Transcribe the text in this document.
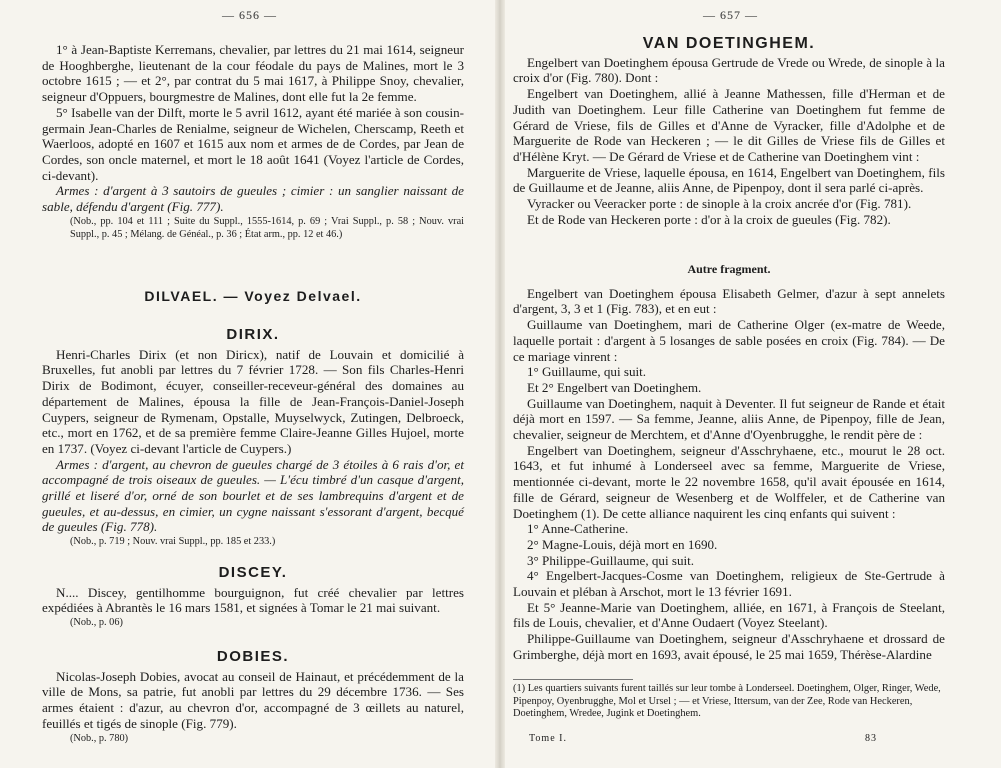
— 656 —

1° à Jean-Baptiste Kerremans, chevalier, par lettres du 21 mai 1614, seigneur de Hooghberghe, lieutenant de la cour féodale du pays de Malines, mort le 3 octobre 1615 ; — et 2°, par contrat du 5 mai 1617, à Philippe Snoy, chevalier, seigneur d'Oppuers, bourgmestre de Malines, dont elle fut la 2e femme.

5° Isabelle van der Dilft, morte le 5 avril 1612, ayant été mariée à son cousin-germain Jean-Charles de Renialme, seigneur de Wichelen, Cherscamp, Reeth et Waerloos, adopté en 1607 et 1615 aux nom et armes de de Cordes, par Jean de Cordes, son oncle maternel, et mort le 18 août 1641 (Voyez l'article de Cordes, ci-devant).

Armes : d'argent à 3 sautoirs de gueules ; cimier : un sanglier naissant de sable, défendu d'argent (Fig. 777).

(Nob., pp. 104 et 111 ; Suite du Suppl., 1555-1614, p. 69 ; Vrai Suppl., p. 58 ; Nouv. vrai Suppl., p. 45 ; Mélang. de Généal., p. 36 ; État arm., pp. 12 et 46.)

DILVAEL. — Voyez Delvael.
DIRIX.

Henri-Charles Dirix (et non Diricx), natif de Louvain et domicilié à Bruxelles, fut anobli par lettres du 7 février 1728. — Son fils Charles-Henri Dirix de Bodimont, écuyer, conseiller-receveur-général des domaines au département de Malines, épousa la fille de Jean-François-Daniel-Joseph Cuypers, seigneur de Rymenam, Opstalle, Muyselwyck, Zutingen, Delbroeck, etc., mort en 1762, et de sa première femme Claire-Jeanne Gilles Hujoel, morte en 1737. (Voyez ci-devant l'article de Cuypers.)

Armes : d'argent, au chevron de gueules chargé de 3 étoiles à 6 rais d'or, et accompagné de trois oiseaux de gueules. — L'écu timbré d'un casque d'argent, grillé et liseré d'or, orné de son bourlet et de ses lambrequins d'argent et de gueules, et au-dessus, en cimier, un cygne naissant s'essorant d'argent, becqué de gueules (Fig. 778).

(Nob., p. 719 ; Nouv. vrai Suppl., pp. 185 et 233.)

DISCEY.

N.... Discey, gentilhomme bourguignon, fut créé chevalier par lettres expédiées à Abrantès le 16 mars 1581, et signées à Tomar le 21 mai suivant.

(Nob., p. 06)

DOBIES.

Nicolas-Joseph Dobies, avocat au conseil de Hainaut, et précédemment de la ville de Mons, sa patrie, fut anobli par lettres du 29 décembre 1736. — Ses armes étaient : d'azur, au chevron d'or, accompagné de 3 œillets au naturel, feuillés et tigés de sinople (Fig. 779).

(Nob., p. 780)

— 657 —
VAN DOETINGHEM.

Engelbert van Doetinghem épousa Gertrude de Vrede ou Wrede, de sinople à la croix d'or (Fig. 780). Dont :

Engelbert van Doetinghem, allié à Jeanne Mathessen, fille d'Herman et de Judith van Doetinghem. Leur fille Catherine van Doetinghem fut femme de Gérard de Vriese, fils de Gilles et d'Anne de Vyracker, fille d'Adolphe et de Marguerite de Rode van Heckeren ; — le dit Gilles de Vriese fils de Gilles et d'Hélène Kryt. — De Gérard de Vriese et de Catherine van Doetinghem vint :

Marguerite de Vriese, laquelle épousa, en 1614, Engelbert van Doetinghem, fils de Guillaume et de Jeanne, aliis Anne, de Pipenpoy, dont il sera parlé ci-après.

Vyracker ou Veeracker porte : de sinople à la croix ancrée d'or (Fig. 781).

Et de Rode van Heckeren porte : d'or à la croix de gueules (Fig. 782).

Autre fragment.

Engelbert van Doetinghem épousa Elisabeth Gelmer, d'azur à sept annelets d'argent, 3, 3 et 1 (Fig. 783), et en eut :

Guillaume van Doetinghem, mari de Catherine Olger (ex-matre de Weede, laquelle portait : d'argent à 5 losanges de sable posées en croix (Fig. 784). — De ce mariage vinrent :

1° Guillaume, qui suit.

Et 2° Engelbert van Doetinghem.

Guillaume van Doetinghem, naquit à Deventer. Il fut seigneur de Rande et était déjà mort en 1597. — Sa femme, Jeanne, aliis Anne, de Pipenpoy, fille de Jean, chevalier, seigneur de Merchtem, et d'Anne d'Oyenbrugghe, le rendit père de :

Engelbert van Doetinghem, seigneur d'Asschryhaene, etc., mourut le 28 oct. 1643, et fut inhumé à Londerseel avec sa femme, Marguerite de Vriese, mentionnée ci-devant, morte le 22 novembre 1658, qu'il avait épousée en 1614, fille de Gérard, seigneur de Wesenberg et de Wolffeler, et de Catherine van Doetinghem (1). De cette alliance naquirent les cinq enfants qui suivent :

1° Anne-Catherine.

2° Magne-Louis, déjà mort en 1690.

3° Philippe-Guillaume, qui suit.

4° Engelbert-Jacques-Cosme van Doetinghem, religieux de Ste-Gertrude à Louvain et pléban à Arschot, mort le 13 février 1691.

Et 5° Jeanne-Marie van Doetinghem, alliée, en 1671, à François de Steelant, fils de Louis, chevalier, et d'Anne Oudaert (Voyez Steelant).

Philippe-Guillaume van Doetinghem, seigneur d'Asschryhaene et drossard de Grimberghe, déjà mort en 1693, avait épousé, le 25 mai 1659, Thérèse-Alardine

(1) Les quartiers suivants furent taillés sur leur tombe à Londerseel. Doetinghem, Olger, Ringer, Wede, Pipenpoy, Oyenbrugghe, Mol et Ursel ; — et Vriese, Ittersum, van der Zee, Rode van Heckeren, Doetinghem, Wredee, Jugink et Doetinghem.
Tome I.	83
